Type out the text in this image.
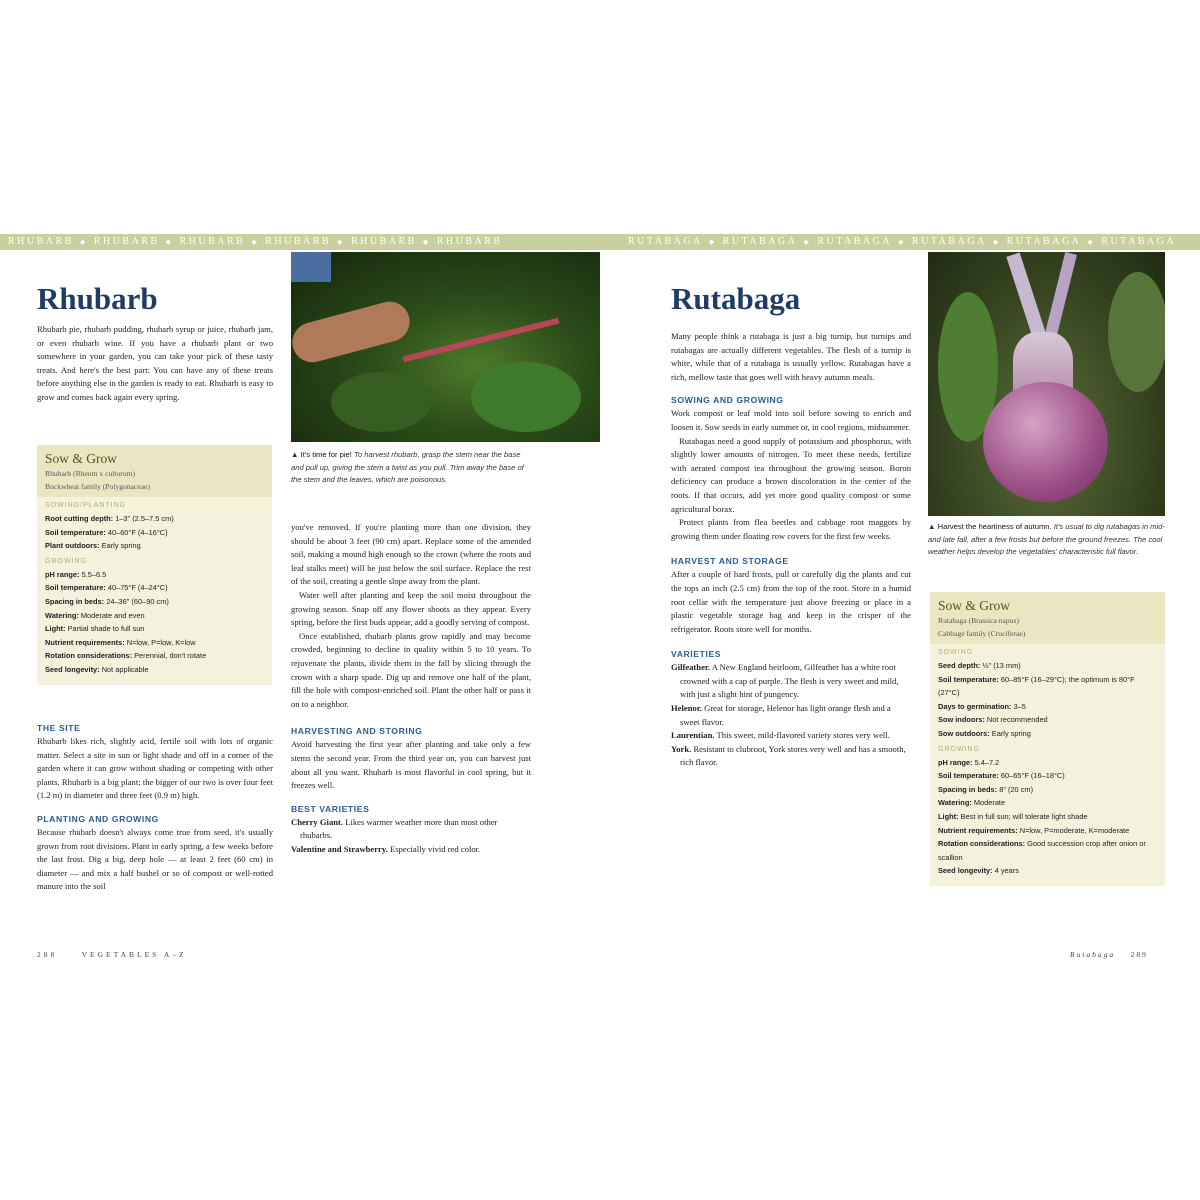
RHUBARB ◆ RHUBARB ◆ RHUBARB ◆ RHUBARB ◆ RHUBARB ◆ RHUBARB	RUTABAGA ◆ RUTABAGA ◆ RUTABAGA ◆ RUTABAGA ◆ RUTABAGA ◆ RUTABAGA
Rhubarb
Rhubarb pie, rhubarb pudding, rhubarb syrup or juice, rhubarb jam, or even rhubarb wine. If you have a rhubarb plant or two somewhere in your garden, you can take your pick of these tasty treats. And here's the best part: You can have any of these treats before anything else in the garden is ready to eat. Rhubarb is easy to grow and comes back again every spring.
▲ It's time for pie! To harvest rhubarb, grasp the stem near the base and pull up, giving the stem a twist as you pull. Trim away the base of the stem and the leaves, which are poisonous.
Sow & Grow
Rhubarb (Rheum x cultorum)
Buckwheat family (Polygonaceae)
SOWING/PLANTING
Root cutting depth: 1–3" (2.5–7.5 cm)
Soil temperature: 40–60°F (4–16°C)
Plant outdoors: Early spring
GROWING
pH range: 5.5–6.5
Soil temperature: 40–75°F (4–24°C)
Spacing in beds: 24–36" (60–90 cm)
Watering: Moderate and even
Light: Partial shade to full sun
Nutrient requirements: N=low, P=low, K=low
Rotation considerations: Perennial, don't rotate
Seed longevity: Not applicable
THE SITE
Rhubarb likes rich, slightly acid, fertile soil with lots of organic matter. Select a site in sun or light shade and off in a corner of the garden where it can grow without shading or competing with other plants. Rhubarb is a big plant; the bigger of our two is over four feet (1.2 m) in diameter and three feet (0.9 m) high.
PLANTING AND GROWING
Because rhubarb doesn't always come true from seed, it's usually grown from root divisions. Plant in early spring, a few weeks before the last frost. Dig a big, deep hole — at least 2 feet (60 cm) in diameter — and mix a half bushel or so of compost or well-rotted manure into the soil
you've removed. If you're planting more than one division, they should be about 3 feet (90 cm) apart. Replace some of the amended soil, making a mound high enough so the crown (where the roots and leaf stalks meet) will be just below the soil surface. Replace the rest of the soil, creating a gentle slope away from the plant.
Water well after planting and keep the soil moist throughout the growing season. Snap off any flower shoots as they appear. Every spring, before the first buds appear, add a goodly serving of compost.
Once established, rhubarb plants grow rapidly and may become crowded, beginning to decline in quality within 5 to 10 years. To rejuvenate the plants, divide them in the fall by slicing through the crown with a sharp spade. Dig up and remove one half of the plant, fill the hole with compost-enriched soil. Plant the other half or pass it on to a neighbor.
HARVESTING AND STORING
Avoid harvesting the first year after planting and take only a few stems the second year. From the third year on, you can harvest just about all you want. Rhubarb is most flavorful in cool spring, but it freezes well.
BEST VARIETIES
Cherry Giant. Likes warmer weather more than most other rhubarbs.
Valentine and Strawberry. Especially vivid red color.
288	VEGETABLES A–Z
Rutabaga
Many people think a rutabaga is just a big turnip, but turnips and rutabagas are actually different vegetables. The flesh of a turnip is white, while that of a rutabaga is usually yellow. Rutabagas have a rich, mellow taste that goes well with heavy autumn meals.
SOWING AND GROWING
Work compost or leaf mold into soil before sowing to enrich and loosen it. Sow seeds in early summer or, in cool regions, midsummer.
Rutabagas need a good supply of potassium and phosphorus, with slightly lower amounts of nitrogen. To meet these needs, fertilize with aerated compost tea throughout the growing season. Boron deficiency can produce a brown discoloration in the center of the roots. If that occurs, add yet more good quality compost or some agricultural borax.
Protect plants from flea beetles and cabbage root maggots by growing them under floating row covers for the first few weeks.
HARVEST AND STORAGE
After a couple of hard frosts, pull or carefully dig the plants and cut the tops an inch (2.5 cm) from the top of the root. Store in a humid root cellar with the temperature just above freezing or place in a plastic vegetable storage bag and keep in the crisper of the refrigerator. Roots store well for months.
VARIETIES
Gilfeather. A New England heirloom, Gilfeather has a white root crowned with a cap of purple. The flesh is very sweet and mild, with just a slight hint of pungency.
Helenor. Great for storage, Helenor has light orange flesh and a sweet flavor.
Laurentian. This sweet, mild-flavored variety stores very well.
York. Resistant to clubroot, York stores very well and has a smooth, rich flavor.
▲ Harvest the heartiness of autumn. It's usual to dig rutabagas in mid- and late fall, after a few frosts but before the ground freezes. The cool weather helps develop the vegetables' characteristic full flavor.
Sow & Grow
Rutabaga (Brassica napus)
Cabbage family (Cruciferae)
SOWING
Seed depth: ½" (13 mm)
Soil temperature: 60–85°F (16–29°C); the optimum is 80°F (27°C)
Days to germination: 3–5
Sow indoors: Not recommended
Sow outdoors: Early spring
GROWING
pH range: 5.4–7.2
Soil temperature: 60–65°F (16–18°C)
Spacing in beds: 8" (20 cm)
Watering: Moderate
Light: Best in full sun; will tolerate light shade
Nutrient requirements: N=low, P=moderate, K=moderate
Rotation considerations: Good succession crop after onion or scallion
Seed longevity: 4 years
Rutabaga 289
